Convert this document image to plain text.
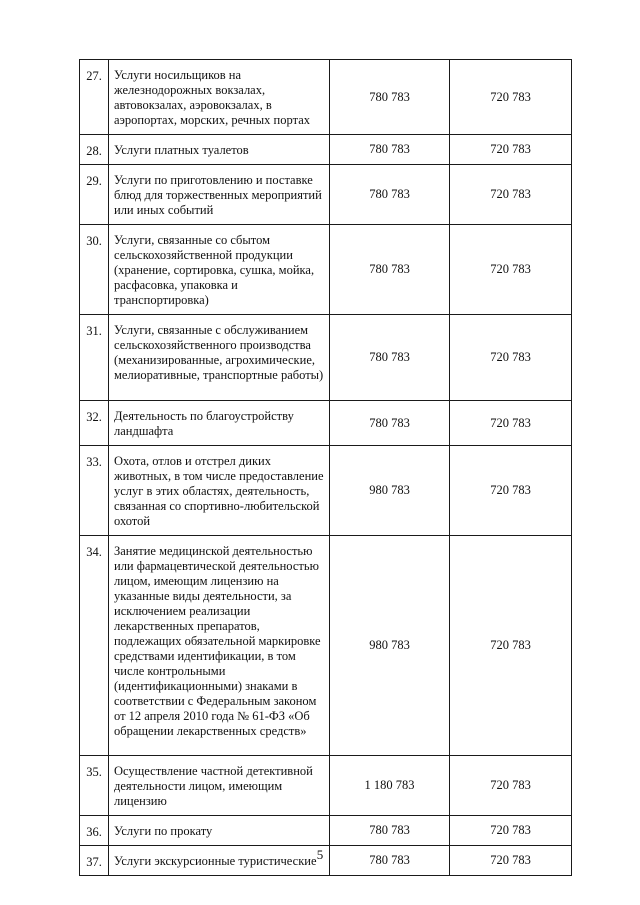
27.	Услуги носильщиков на железнодорожных вокзалах, автовокзалах, аэровокзалах, в аэропортах, морских, речных портах	780 783	720 783
28.	Услуги платных туалетов	780 783	720 783
29.	Услуги по приготовлению и поставке блюд для торжественных мероприятий или иных событий	780 783	720 783
30.	Услуги, связанные со сбытом сельскохозяйственной продукции (хранение, сортировка, сушка, мойка, расфасовка, упаковка и транспортировка)	780 783	720 783
31.	Услуги, связанные с обслуживанием сельскохозяйственного производства (механизированные, агрохимические, мелиоративные, транспортные работы)	780 783	720 783
32.	Деятельность по благоустройству ландшафта	780 783	720 783
33.	Охота, отлов и отстрел диких животных, в том числе предоставление услуг в этих областях, деятельность, связанная со спортивно-любительской охотой	980 783	720 783
34.	Занятие медицинской деятельностью или фармацевтической деятельностью лицом, имеющим лицензию на указанные виды деятельности, за исключением реализации лекарственных препаратов, подлежащих обязательной маркировке средствами идентификации, в том числе контрольными (идентификационными) знаками в соответствии с Федеральным законом от 12 апреля 2010 года № 61-ФЗ «Об обращении лекарственных средств»	980 783	720 783
35.	Осуществление частной детективной деятельности лицом, имеющим лицензию	1 180 783	720 783
36.	Услуги по прокату	780 783	720 783
37.	Услуги экскурсионные туристические	780 783	720 783
5
